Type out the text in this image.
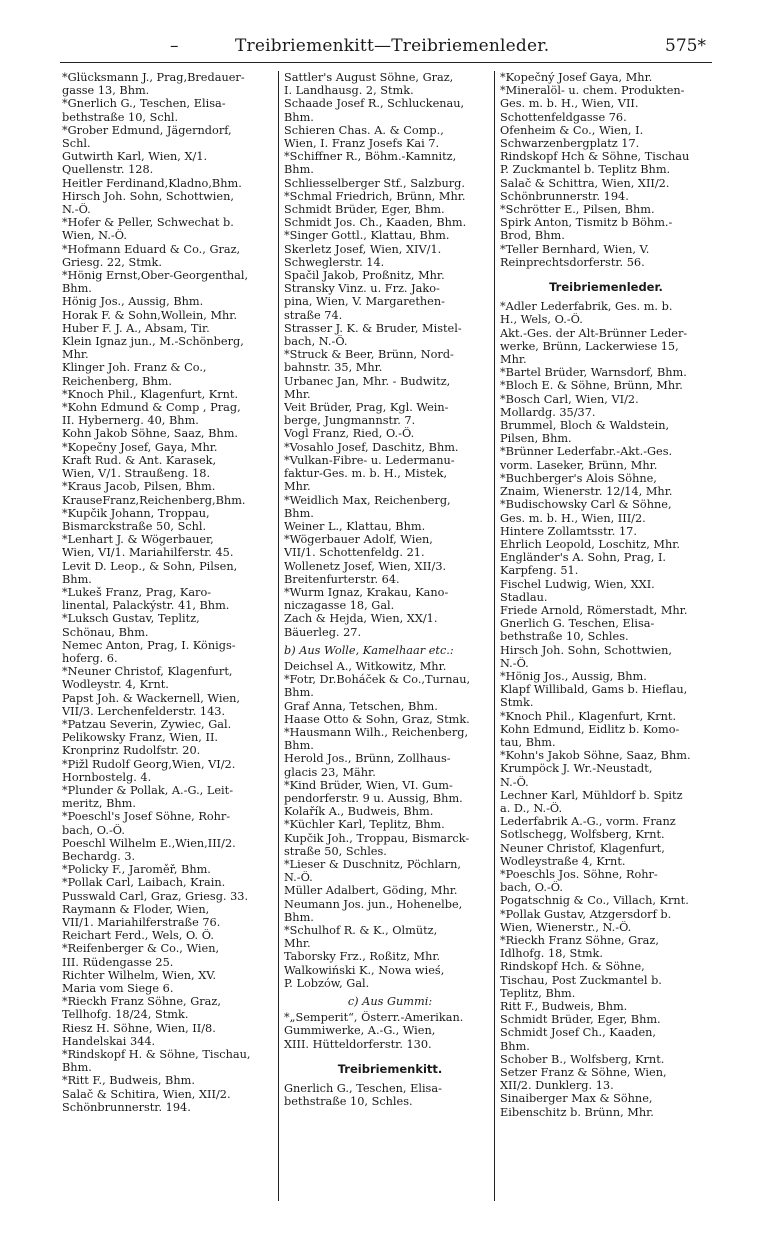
–	Treibriemenkitt—Treibriemenleder.	575*
*Glücksmann J., Prag,Bredauer-
gasse 13, Bhm.
*Gnerlich G., Teschen, Elisa-
bethstraße 10, Schl.
*Grober Edmund, Jägerndorf,
Schl.
Gutwirth Karl, Wien, X/1.
Quellenstr. 128.
Heitler Ferdinand,Kladno,Bhm.
Hirsch Joh. Sohn, Schottwien,
N.-Ö.
*Hofer & Peller, Schwechat b.
Wien, N.-Ö.
*Hofmann Eduard & Co., Graz,
Griesg. 22, Stmk.
*Hönig Ernst,Ober-Georgenthal,
Bhm.
Hönig Jos., Aussig, Bhm.
Horak F. & Sohn,Wollein, Mhr.
Huber F. J. A., Absam, Tir.
Klein Ignaz jun., M.-Schönberg,
Mhr.
Klinger Joh. Franz & Co.,
Reichenberg, Bhm.
*Knoch Phil., Klagenfurt, Krnt.
*Kohn Edmund & Comp , Prag,
II. Hybernerg. 40, Bhm.
Kohn Jakob Söhne, Saaz, Bhm.
*Kopečny Josef, Gaya, Mhr.
Kraft Rud. & Ant. Karasek,
Wien, V/1. Straußeng. 18.
*Kraus Jacob, Pilsen, Bhm.
KrauseFranz,Reichenberg,Bhm.
*Kupčik Johann, Troppau,
Bismarckstraße 50, Schl.
*Lenhart J. & Wögerbauer,
Wien, VI/1. Mariahilferstr. 45.
Levit D. Leop., & Sohn, Pilsen,
Bhm.
*Lukeš Franz, Prag, Karo-
linental, Palackýstr. 41, Bhm.
*Luksch Gustav, Teplitz,
Schönau, Bhm.
Nemec Anton, Prag, I. Königs-
hoferg. 6.
*Neuner Christof, Klagenfurt,
Wodleystr. 4, Krnt.
Papst Joh. & Wackernell, Wien,
VII/3. Lerchenfelderstr. 143.
*Patzau Severin, Zywiec, Gal.
Pelikowsky Franz, Wien, II.
Kronprinz Rudolfstr. 20.
*Pižl Rudolf Georg,Wien, VI/2.
Hornbostelg. 4.
*Plunder & Pollak, A.-G., Leit-
meritz, Bhm.
*Poeschl's Josef Söhne, Rohr-
bach, O.-Ö.
Poeschl Wilhelm E.,Wien,III/2.
Bechardg. 3.
*Policky F., Jaroměř, Bhm.
*Pollak Carl, Laibach, Krain.
Pusswald Carl, Graz, Griesg. 33.
Raymann & Floder, Wien,
VII/1. Mariahilferstraße 76.
Reichart Ferd., Wels, O. Ö.
*Reifenberger & Co., Wien,
III. Rüdengasse 25.
Richter Wilhelm, Wien, XV.
Maria vom Siege 6.
*Rieckh Franz Söhne, Graz,
Tellhofg. 18/24, Stmk.
Riesz H. Söhne, Wien, II/8.
Handelskai 344.
*Rindskopf H. & Söhne, Tischau,
Bhm.
*Ritt F., Budweis, Bhm.
Salač & Schitira, Wien, XII/2.
Schönbrunnerstr. 194.
Sattler's August Söhne, Graz,
I. Landhausg. 2, Stmk.
Schaade Josef R., Schluckenau,
Bhm.
Schieren Chas. A. & Comp.,
Wien, I. Franz Josefs Kai 7.
*Schiffner R., Böhm.-Kamnitz,
Bhm.
Schliesselberger Stf., Salzburg.
*Schmal Friedrich, Brünn, Mhr.
Schmidt Brüder, Eger, Bhm.
Schmidt Jos. Ch., Kaaden, Bhm.
*Singer Gottl., Klattau, Bhm.
Skerletz Josef, Wien, XIV/1.
Schweglerstr. 14.
Spačil Jakob, Proßnitz, Mhr.
Stransky Vinz. u. Frz. Jako-
pina, Wien, V. Margarethen-
straße 74.
Strasser J. K. & Bruder, Mistel-
bach, N.-Ö.
*Struck & Beer, Brünn, Nord-
bahnstr. 35, Mhr.
Urbanec Jan, Mhr. - Budwitz,
Mhr.
Veit Brüder, Prag, Kgl. Wein-
berge, Jungmannstr. 7.
Vogl Franz, Ried, O.-Ö.
*Vosahlo Josef, Daschitz, Bhm.
*Vulkan-Fibre- u. Ledermanu-
faktur-Ges. m. b. H., Mistek,
Mhr.
*Weidlich Max, Reichenberg,
Bhm.
Weiner L., Klattau, Bhm.
*Wögerbauer Adolf, Wien,
VII/1. Schottenfeldg. 21.
Wollenetz Josef, Wien, XII/3.
Breitenfurterstr. 64.
*Wurm Ignaz, Krakau, Kano-
niczagasse 18, Gal.
Zach & Hejda, Wien, XX/1.
Bäuerleg. 27.
b) Aus Wolle, Kamelhaar etc.:
Deichsel A., Witkowitz, Mhr.
*Fotr, Dr.Boháček & Co.,Turnau,
Bhm.
Graf Anna, Tetschen, Bhm.
Haase Otto & Sohn, Graz, Stmk.
*Hausmann Wilh., Reichenberg,
Bhm.
Herold Jos., Brünn, Zollhaus-
glacis 23, Mähr.
*Kind Brüder, Wien, VI. Gum-
pendorferstr. 9 u. Aussig, Bhm.
Kolařík A., Budweis, Bhm.
*Küchler Karl, Teplitz, Bhm.
Kupčik Joh., Troppau, Bismarck-
straße 50, Schles.
*Lieser & Duschnitz, Pöchlarn,
N.-Ö.
Müller Adalbert, Göding, Mhr.
Neumann Jos. jun., Hohenelbe,
Bhm.
*Schulhof R. & K., Olmütz,
Mhr.
Taborsky Frz., Roßitz, Mhr.
Walkowiński K., Nowa wieś,
P. Lobzów, Gal.
c) Aus Gummi:
*„Semperit“, Österr.-Amerikan.
Gummiwerke, A.-G., Wien,
XIII. Hütteldorferstr. 130.
Treibriemenkitt.
Gnerlich G., Teschen, Elisa-
bethstraße 10, Schles.
*Kopečný Josef Gaya, Mhr.
*Mineralöl- u. chem. Produkten-
Ges. m. b. H., Wien, VII.
Schottenfeldgasse 76.
Ofenheim & Co., Wien, I.
Schwarzenbergplatz 17.
Rindskopf Hch & Söhne, Tischau
P. Zuckmantel b. Teplitz Bhm.
Salač & Schittra, Wien, XII/2.
Schönbrunnerstr. 194.
*Schrötter E., Pilsen, Bhm.
Spirk Anton, Tismitz b Böhm.-
Brod, Bhm.
*Teller Bernhard, Wien, V.
Reinprechtsdorferstr. 56.
Treibriemenleder.
*Adler Lederfabrik, Ges. m. b.
H., Wels, O.-Ö.
Akt.-Ges. der Alt-Brünner Leder-
werke, Brünn, Lackerwiese 15,
Mhr.
*Bartel Brüder, Warnsdorf, Bhm.
*Bloch E. & Söhne, Brünn, Mhr.
*Bosch Carl, Wien, VI/2.
Mollardg. 35/37.
Brummel, Bloch & Waldstein,
Pilsen, Bhm.
*Brünner Lederfabr.-Akt.-Ges.
vorm. Laseker, Brünn, Mhr.
*Buchberger's Alois Söhne,
Znaim, Wienerstr. 12/14, Mhr.
*Budischowsky Carl & Söhne,
Ges. m. b. H., Wien, III/2.
Hintere Zollamtsstr. 17.
Ehrlich Leopold, Loschitz, Mhr.
Engländer's A. Sohn, Prag, I.
Karpfeng. 51.
Fischel Ludwig, Wien, XXI.
Stadlau.
Friede Arnold, Römerstadt, Mhr.
Gnerlich G. Teschen, Elisa-
bethstraße 10, Schles.
Hirsch Joh. Sohn, Schottwien,
N.-Ö.
*Hönig Jos., Aussig, Bhm.
Klapf Willibald, Gams b. Hieflau,
Stmk.
*Knoch Phil., Klagenfurt, Krnt.
Kohn Edmund, Eidlitz b. Komo-
tau, Bhm.
*Kohn's Jakob Söhne, Saaz, Bhm.
Krumpöck J. Wr.-Neustadt,
N.-Ö.
Lechner Karl, Mühldorf b. Spitz
a. D., N.-Ö.
Lederfabrik A.-G., vorm. Franz
Sotlschegg, Wolfsberg, Krnt.
Neuner Christof, Klagenfurt,
Wodleystraße 4, Krnt.
*Poeschls Jos. Söhne, Rohr-
bach, O.-Ö.
Pogatschnig & Co., Villach, Krnt.
*Pollak Gustav, Atzgersdorf b.
Wien, Wienerstr., N.-Ö.
*Rieckh Franz Söhne, Graz,
Idlhofg. 18, Stmk.
Rindskopf Hch. & Söhne,
Tischau, Post Zuckmantel b.
Teplitz, Bhm.
Ritt F., Budweis, Bhm.
Schmidt Brüder, Eger, Bhm.
Schmidt Josef Ch., Kaaden,
Bhm.
Schober B., Wolfsberg, Krnt.
Setzer Franz & Söhne, Wien,
XII/2. Dunklerg. 13.
Sinaiberger Max & Söhne,
Eibenschitz b. Brünn, Mhr.
